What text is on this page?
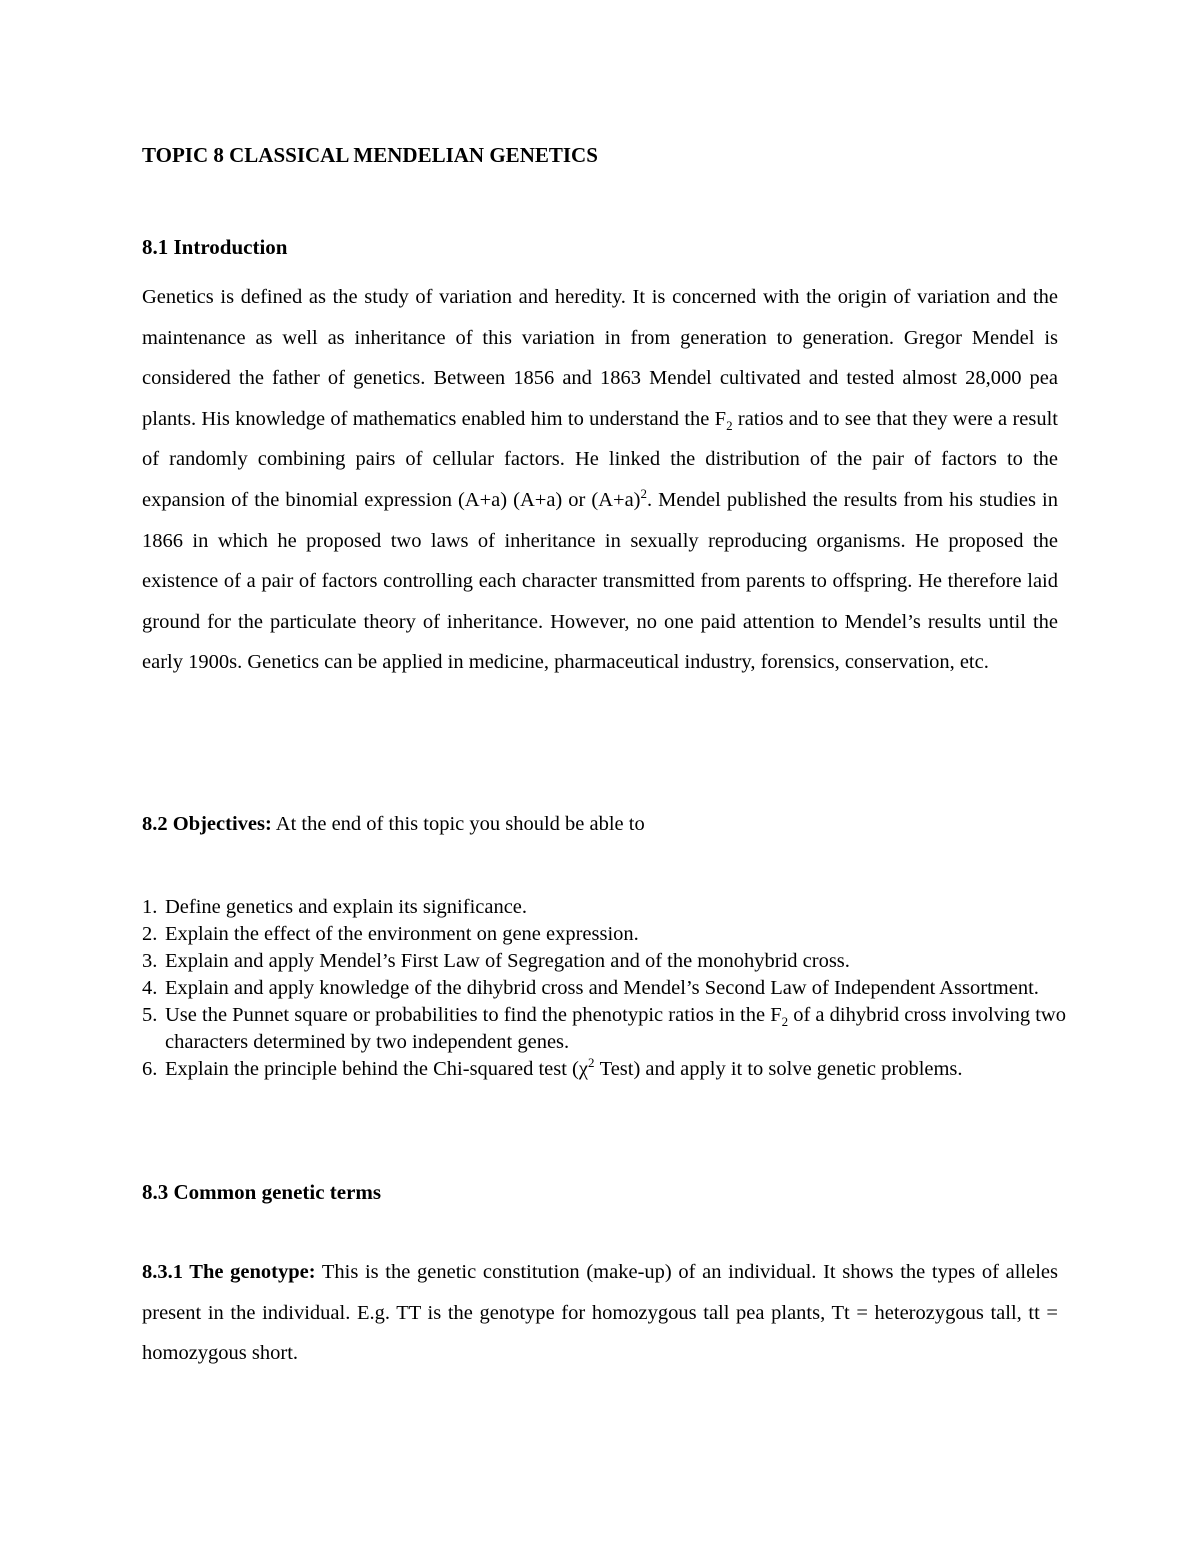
TOPIC 8 CLASSICAL MENDELIAN GENETICS
8.1 Introduction

Genetics is defined as the study of variation and heredity. It is concerned with the origin of variation and the maintenance as well as inheritance of this variation in from generation to generation. Gregor Mendel is considered the father of genetics. Between 1856 and 1863 Mendel cultivated and tested almost 28,000 pea plants. His knowledge of mathematics enabled him to understand the $F_2$ ratios and to see that they were a result of randomly combining pairs of cellular factors. He linked the distribution of the pair of factors to the expansion of the binomial expression (A+a) (A+a) or $(A+a)^2$. Mendel published the results from his studies in 1866 in which he proposed two laws of inheritance in sexually reproducing organisms. He proposed the existence of a pair of factors controlling each character transmitted from parents to offspring. He therefore laid ground for the particulate theory of inheritance. However, no one paid attention to Mendel’s results until the early 1900s. Genetics can be applied in medicine, pharmaceutical industry, forensics, conservation, etc.

8.2 Objectives: At the end of this topic you should be able to
1. Define genetics and explain its significance.
2. Explain the effect of the environment on gene expression.
3. Explain and apply Mendel’s First Law of Segregation and of the monohybrid cross.
4. Explain and apply knowledge of the dihybrid cross and Mendel’s Second Law of Independent Assortment.
5. Use the Punnet square or probabilities to find the phenotypic ratios in the $F_2$ of a dihybrid cross involving two characters determined by two independent genes.
6. Explain the principle behind the Chi-squared test ($\chi^2$ Test) and apply it to solve genetic problems.
8.3 Common genetic terms

8.3.1 The genotype: This is the genetic constitution (make-up) of an individual. It shows the types of alleles present in the individual. E.g. TT is the genotype for homozygous tall pea plants, Tt = heterozygous tall, tt = homozygous short.
